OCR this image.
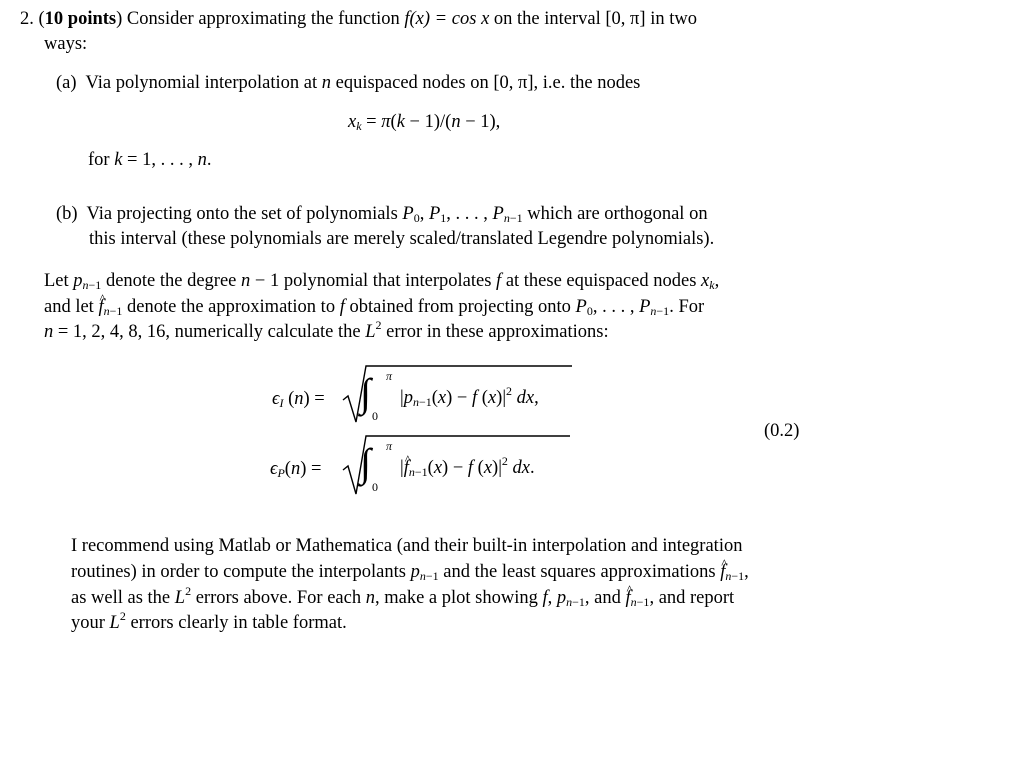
2. (10 points) Consider approximating the function f(x) = cos x on the interval [0, π] in two
ways:
(a) Via polynomial interpolation at n equispaced nodes on [0, π], i.e. the nodes
$x_k = \pi(k - 1)/(n - 1)$,
for k = 1, . . . , n.
(b) Via projecting onto the set of polynomials $P_0$, $P_1$, . . . , $P_{n-1}$ which are orthogonal on
this interval (these polynomials are merely scaled/translated Legendre polynomials).
Let $p_{n-1}$ denote the degree n − 1 polynomial that interpolates f at these equispaced nodes $x_k$,
and let ^ $f_{n-1}$ denote the approximation to f obtained from projecting onto $P_0$, . . . , $P_{n-1}$. For
n = 1, 2, 4, 8, 16, numerically calculate the $L^2$ error in these approximations:
$\epsilon_I$ (n) = ∫ π
0
$|p_{n-1}(x) - f$ $(x)|^2$ dx,
$\epsilon_P(n)$ = ∫ π
0
|^ $f_{n-1}(x) - f$ $(x)|^2$ dx.
(0.2)
I recommend using Matlab or Mathematica (and their built-in interpolation and integration
routines) in order to compute the interpolants $p_{n-1}$ and the least squares approximations ^ $f_{n-1}$,
as well as the $L^2$ errors above. For each n, make a plot showing f, $p_{n-1}$, and ^ $f_{n-1}$, and report
your $L^2$ errors clearly in table format.
